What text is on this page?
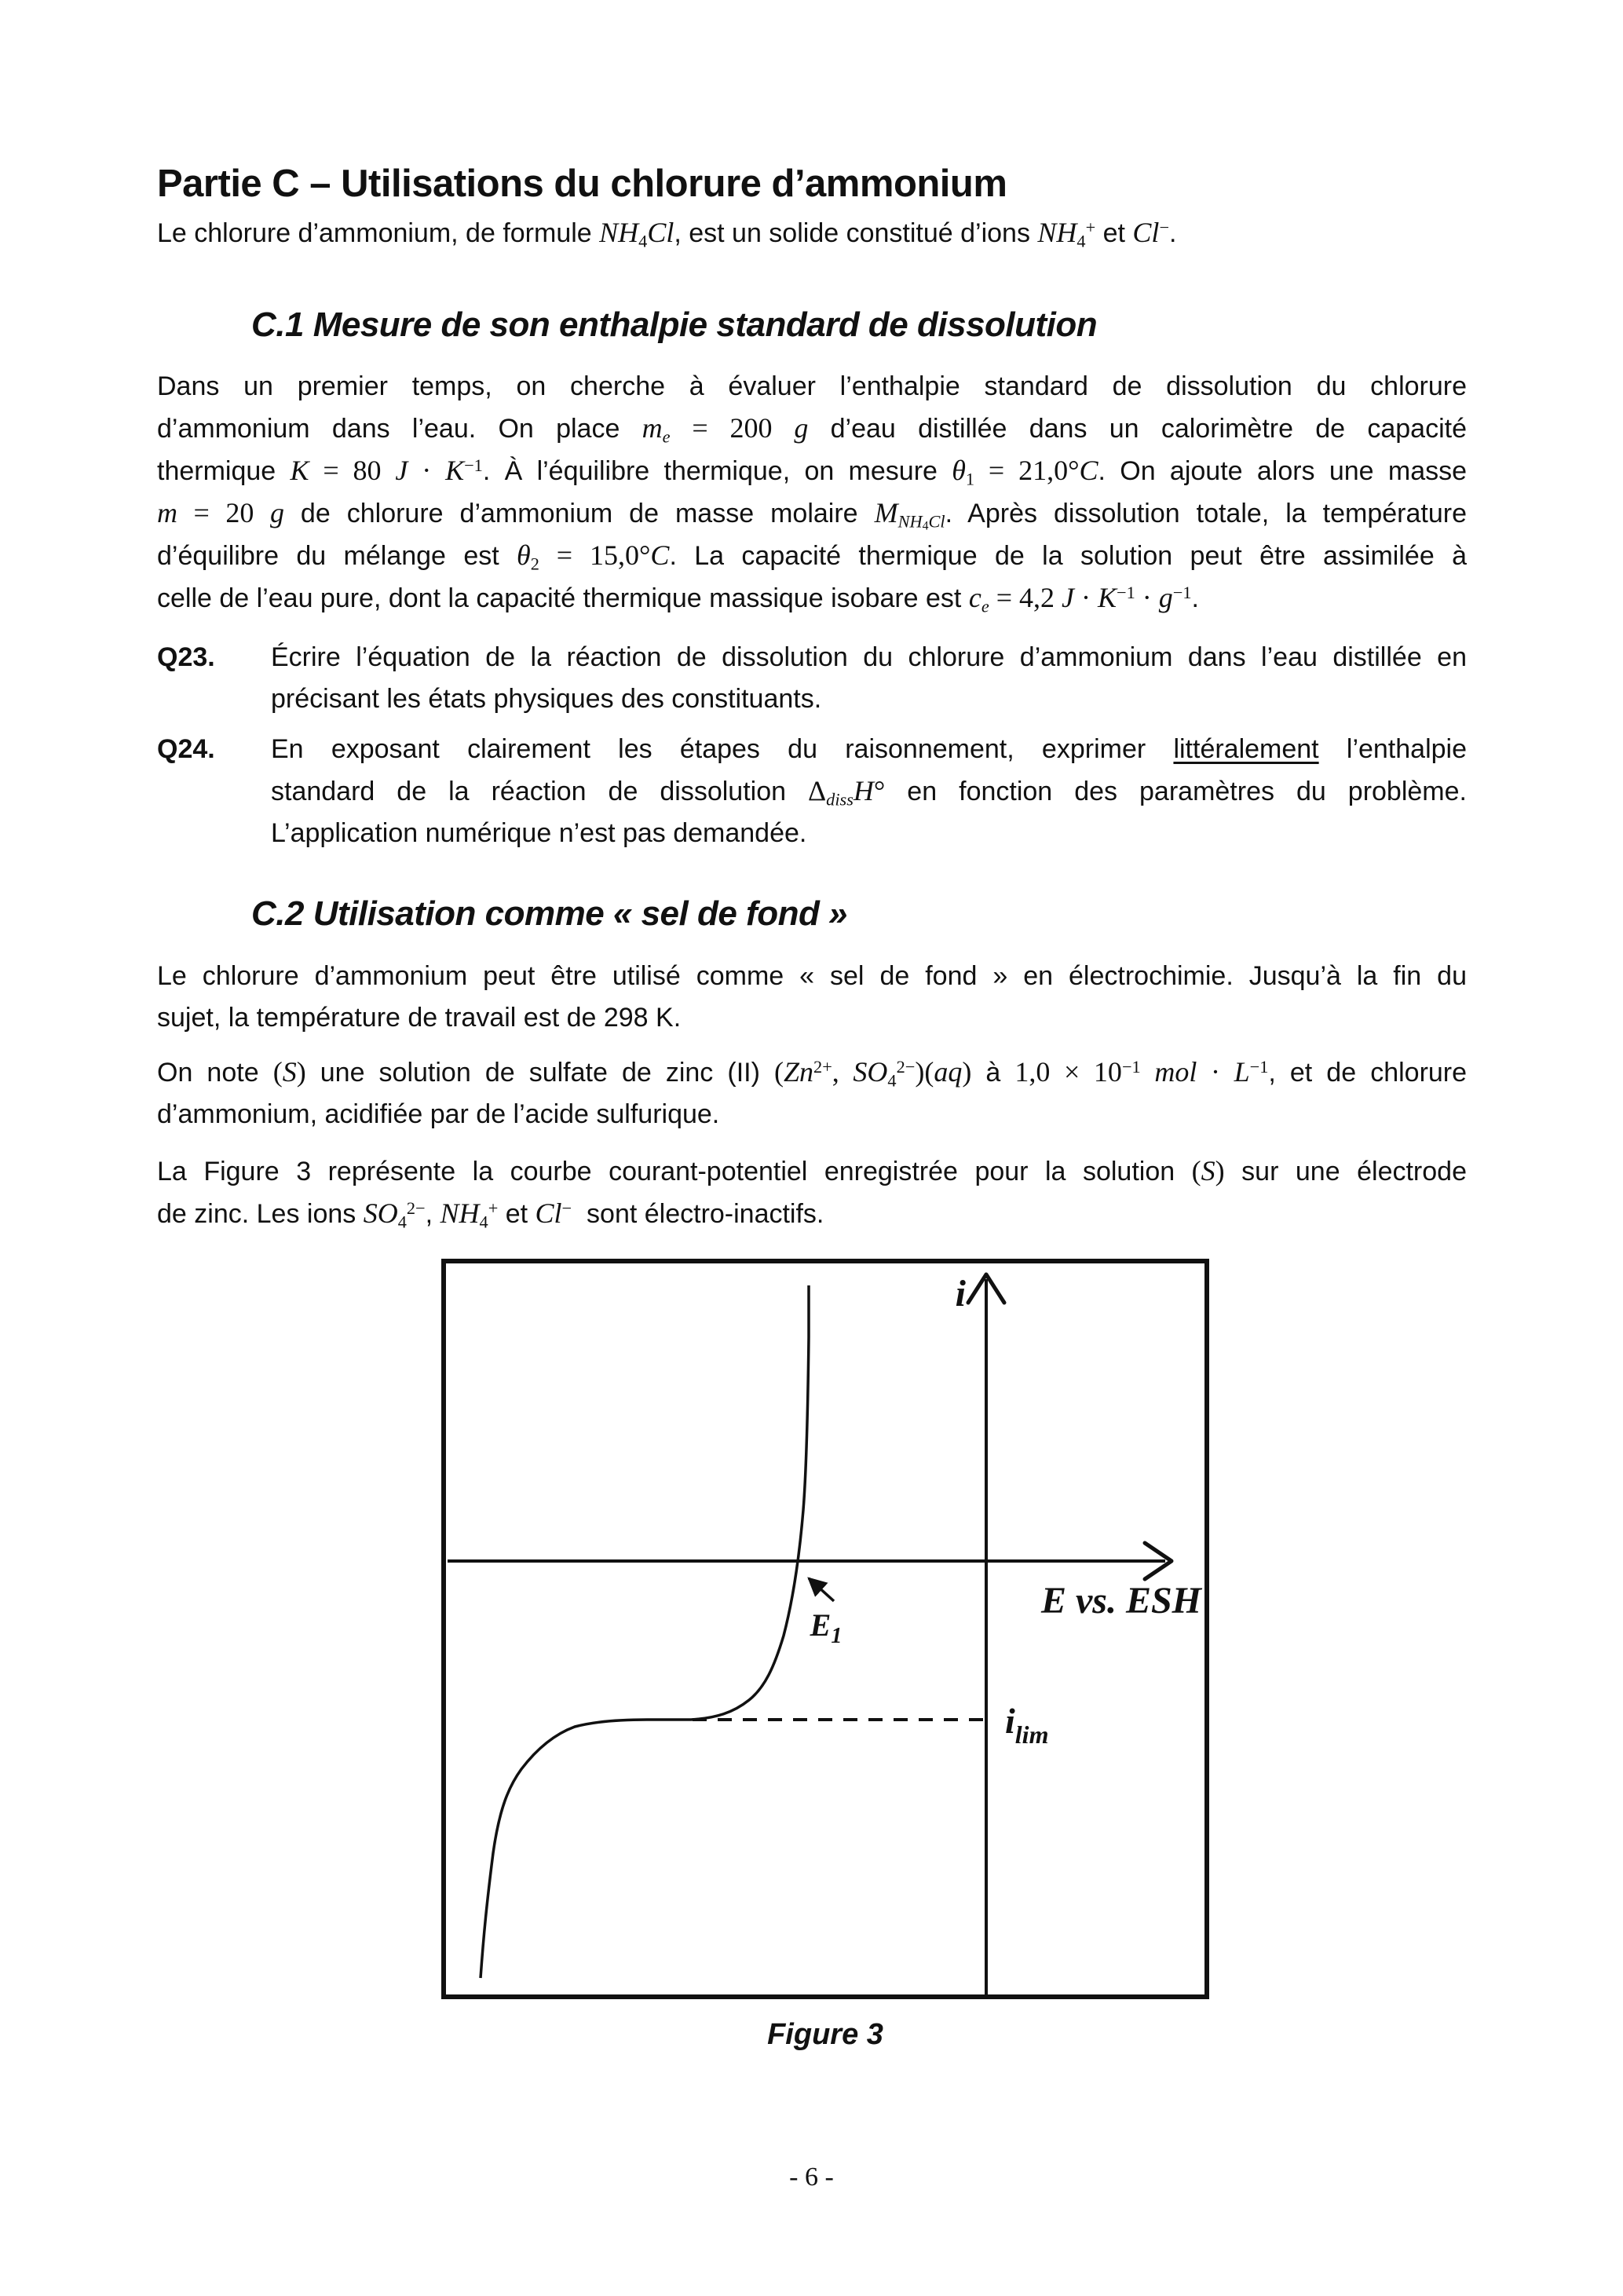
Partie C – Utilisations du chlorure d’ammonium
Le chlorure d’ammonium, de formule $NH_4Cl$, est un solide constitué d’ions $NH_4^+$ et Cl−.
C.1 Mesure de son enthalpie standard de dissolution
Dans un premier temps, on cherche à évaluer l’enthalpie standard de dissolution du chlorure
d’ammonium dans l’eau. On place $m_e = 200$ g d’eau distillée dans un calorimètre de capacité
thermique K = 80 $J \cdot K^{-1}$. À l’équilibre thermique, on mesure $\theta_1 = 21,0^\circ C$. On ajoute alors une masse
m = 20 g de chlorure d’ammonium de masse molaire $M_{NH4Cl}$. Après dissolution totale, la température
d’équilibre du mélange est $\theta_2 = 15,0^\circ C$. La capacité thermique de la solution peut être assimilée à
celle de l’eau pure, dont la capacité thermique massique isobare est $c_e = 4,2$ $J \cdot K^{-1} \cdot g^{-1}$.
Q23. Écrire l’équation de la réaction de dissolution du chlorure d’ammonium dans l’eau distillée en
précisant les états physiques des constituants.
Q24. En exposant clairement les étapes du raisonnement, exprimer littéralement l’enthalpie
standard de la réaction de dissolution $\Delta_{diss}H^\circ$ en fonction des paramètres du problème.
L’application numérique n’est pas demandée.
C.2 Utilisation comme « sel de fond »
Le chlorure d’ammonium peut être utilisé comme « sel de fond » en électrochimie. Jusqu’à la fin du
sujet, la température de travail est de 298 K.
On note (S) une solution de sulfate de zinc (II) ($Zn^{2+}$, $SO_4^{2-})(aq)$ à $1,0 \times 10^{-1}$ mol · $L^{-1}$, et de chlorure
d’ammonium, acidifiée par de l’acide sulfurique.
La Figure 3 représente la courbe courant-potentiel enregistrée pour la solution (S) sur une électrode
de zinc. Les ions $SO_4^{2-}$, $NH_4^+$ et Cl−  sont électro-inactifs.
i
E vs. ESH
$E_1$
$i_{lim}$
Figure 3
- 6 -
